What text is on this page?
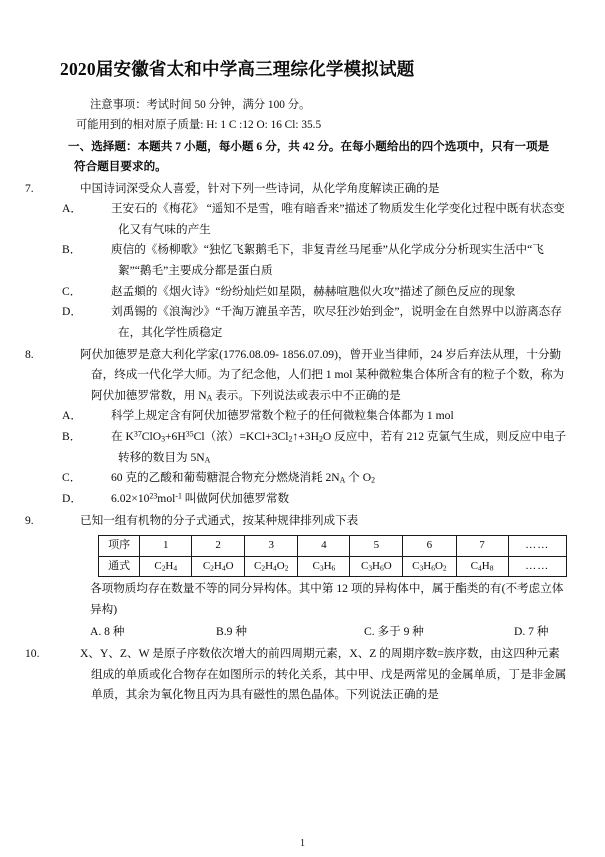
2020届安徽省太和中学高三理综化学模拟试题
注意事项：考试时间 50 分钟，满分 100 分。
可能用到的相对原子质量: H: 1 C :12 O: 16 Cl: 35.5
一、选择题：本题共 7 小题，每小题 6 分，共 42 分。在每小题给出的四个选项中，只有一项是
符合题目要求的。
7.	中国诗词深受众人喜爱，针对下列一些诗词，从化学角度解读正确的是
A．	王安石的《梅花》 “遥知不是雪，唯有暗香来”描述了物质发生化学变化过程中既有状态变化又有气味的产生
B．	庾信的《杨柳歌》“独忆飞絮鹅毛下，非复青丝马尾垂”从化学成分分析现实生活中“飞絮”“鹅毛”主要成分都是蛋白质
C．	赵孟頫的《烟火诗》“纷纷灿烂如星陨，赫赫喧虺似火攻”描述了颜色反应的现象
D．	刘禹锡的《浪淘沙》“千淘万漉虽辛苦，吹尽狂沙始到金”，说明金在自然界中以游离态存在，其化学性质稳定
8.	阿伏加德罗是意大利化学家(1776.08.09- 1856.07.09)，曾开业当律师，24 岁后弃法从理，十分勤奋，终成一代化学大师。为了纪念他，人们把 1 mol 某种微粒集合体所含有的粒子个数，称为阿伏加德罗常数，用 $N_A$ 表示。下列说法或表示中不正确的是
A．	科学上规定含有阿伏加德罗常数个粒子的任何微粒集合体都为 1 mol
B．	在 $K^{37}ClO_3+6H^{35}Cl$（浓）$=KCl+3Cl_2↑+3H_2O$ 反应中，若有 212 克氯气生成，则反应中电子转移的数目为 $5N_A$
C．	60 克的乙酸和葡萄糖混合物充分燃烧消耗 $2N_A$ 个 $O_2$
D．	$6.02\times 10^{23}mol^{-1}$ 叫做阿伏加德罗常数
9.	已知一组有机物的分子式通式，按某种规律排列成下表
项序	1	2	3	4	5	6	7	……
通式	$C_2H_4$	$C_2H_4O$	$C_2H_4O_2$	$C_3H_6$	$C_3H_6O$	$C_3H_6O_2$	$C_4H_8$	……
各项物质均存在数量不等的同分异构体。其中第 12 项的异构体中，属于酯类的有(不考虑立体异构)
A. 8 种	B.9 种	C. 多于 9 种	D. 7 种
10.	X、Y、Z、W 是原子序数依次增大的前四周期元素，X、Z 的周期序数=族序数，由这四种元素组成的单质或化合物存在如图所示的转化关系，其中甲、戊是两常见的金属单质，丁是非金属单质，其余为氧化物且丙为具有磁性的黑色晶体。下列说法正确的是
1
